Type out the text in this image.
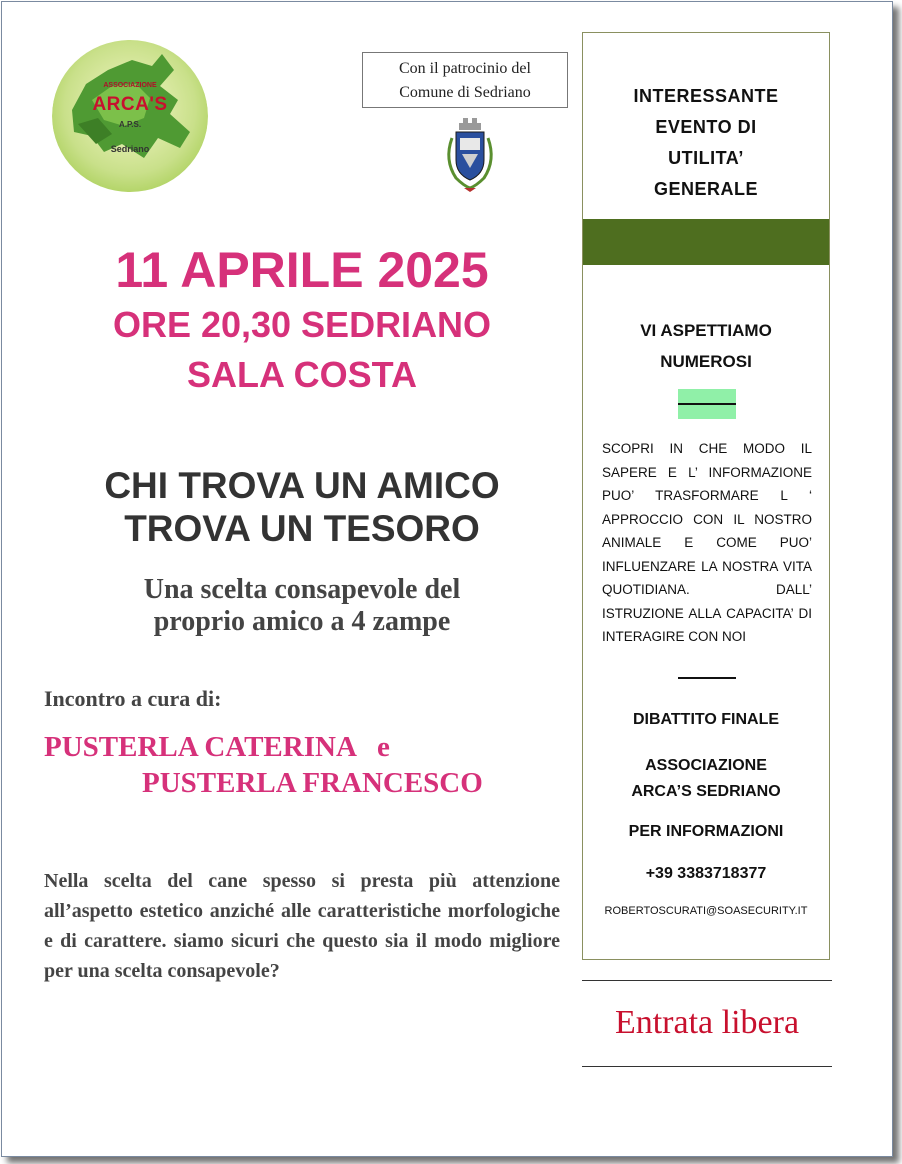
ASSOCIAZIONE
ARCA'S
A.P.S.
Sedriano
Con il patrocinio del
Comune di Sedriano
11 APRILE 2025
ORE 20,30 SEDRIANO
SALA COSTA
CHI TROVA UN AMICO
TROVA UN TESORO
Una scelta consapevole del
proprio amico a 4 zampe
Incontro a cura di:
PUSTERLA CATERINA   e
PUSTERLA FRANCESCO
Nella scelta del cane spesso si presta più attenzione all’aspetto estetico anziché alle caratteristiche morfologiche e di carattere. siamo sicuri che questo sia il modo migliore per una scelta consapevole?
INTERESSANTE
EVENTO DI
UTILITA’
GENERALE
VI ASPETTIAMO
NUMEROSI
SCOPRI IN CHE MODO IL SAPERE E L’ INFORMAZIONE PUO’ TRASFORMARE L ‘ APPROCCIO CON IL NOSTRO ANIMALE E COME PUO’ INFLUENZARE LA NOSTRA VITA QUOTIDIANA. DALL’ ISTRUZIONE ALLA CAPACITA’ DI INTERAGIRE CON NOI
DIBATTITO FINALE
ASSOCIAZIONE
ARCA’S SEDRIANO
PER INFORMAZIONI
+39 3383718377
ROBERTOSCURATI@SOASECURITY.IT
Entrata libera
